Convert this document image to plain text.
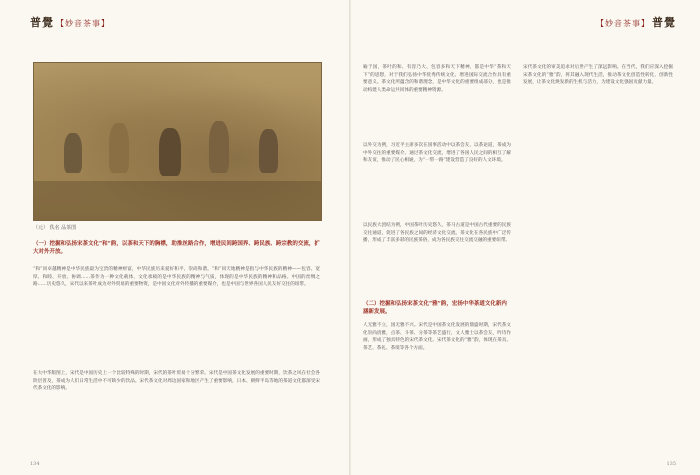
普覺 【妙音茶事】
（元） 佚名 品茶图
（一）挖掘和弘扬宋茶文化“和”韵，以茶和天下的胸襟，助推丝路合作，增进民间跨国界、跨民族、跨宗教的交流，扩大对外开放。

“和”同卓越精神是中华民族最为宝贵的精神财富，中华民族历来爱好和平、崇尚和谐。“和”同天地精神是指与中华民族的精神——包容、宽厚、和睦、开放、协调……茶作为一种文化载体，文化承载的是中华民族的精神与气质，体现的是中华民族的精神和品格。中国的丝绸之路……历史悠久，宋代以来茶叶成为对外贸易的重要物资，是中国文化对外传播的重要媒介，也是中国与世界各国人民友好交往的纽带。

在大中华版图上，宋代是中国历史上一个比较特殊的时期，宋代的茶叶贸易十分繁荣。宋代是中国茶文化发展的重要时期，饮茶之风在社会各阶层普及，茶成为人们日常生活中不可缺少的饮品。宋代茶文化对周边国家和地区产生了重要影响，日本、朝鲜半岛等地的茶道文化都深受宋代茶文化的影响。

134
【妙音茶事】 普覺

喻于国，茶叶的和、有容乃大、包容多和天下精神，都是中华“茶和天下”的思想，对于我们弘扬中华优秀传统文化、增进国际交流合作具有重要意义。茶文化所蕴含的和谐理念，是中华文化的重要组成部分，也是推动构建人类命运共同体的重要精神资源。

以外交为例，习近平主席多次在国事活动中以茶会友、以茶论道，茶成为中外交往的重要媒介。通过茶文化交流，增进了各国人民之间的相互了解和友谊，推动了民心相通，为“一带一路”建设营造了良好的人文环境。

以民族大团结为例，中国茶叶历史悠久，茶马古道是中国古代重要的民族交往通道，促进了各民族之间的经济文化交流。茶文化在各民族中广泛传播，形成了丰富多彩的民族茶俗，成为各民族交往交流交融的重要纽带。

（二）挖掘和弘扬宋茶文化“雅”韵，宏扬中华茶道文化新内涵新发展。

人无雅不立，国无雅不兴。宋代是中国茶文化发展的鼎盛时期，宋代茶文化崇尚清雅，点茶、斗茶、分茶等茶艺盛行，文人雅士以茶会友，吟诗作画，形成了独具特色的宋代茶文化。宋代茶文化的“雅”韵，体现在茶具、茶艺、茶礼、茶境等各个方面。

宋代茶文化的审美追求对后世产生了深远影响。在当代，我们应深入挖掘宋茶文化的“雅”韵，将其融入现代生活，推动茶文化创造性转化、创新性发展，让茶文化焕发新的生机与活力，为建设文化强国贡献力量。

135
